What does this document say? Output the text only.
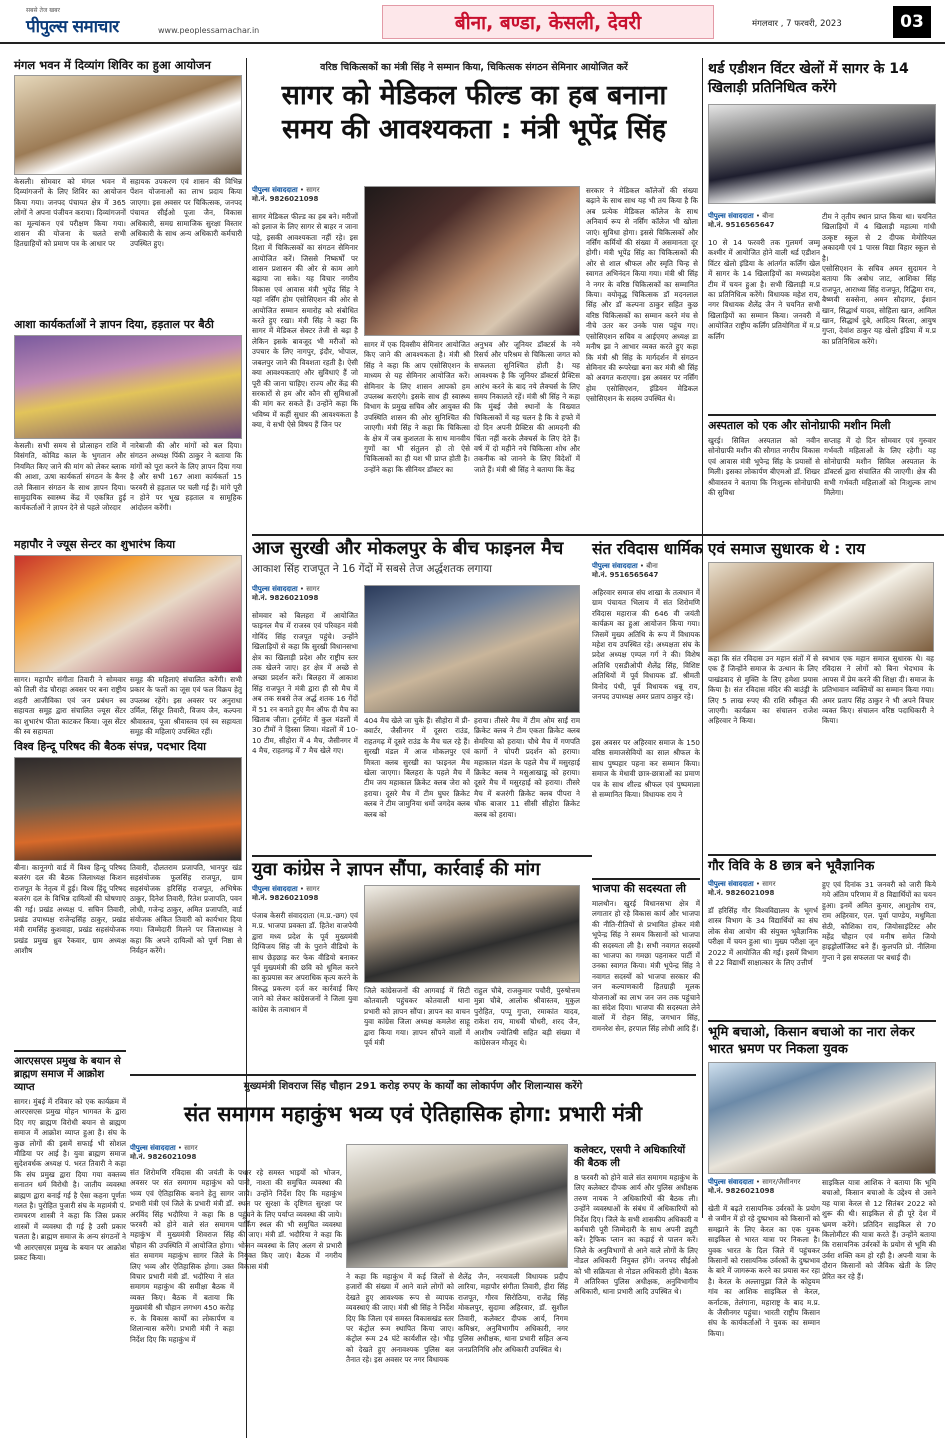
सबसे तेज खबर
पीपुल्स समाचार	www.peoplessamachar.in	बीना, बण्डा, केसली, देवरी	मंगलवार , 7 फरवरी, 2023	03
मंगल भवन में दिव्यांग शिविर का हुआ आयोजन
केसली। सोमवार को मंगल भवन में दिव्यांगजनों के लिए शिविर का आयोजन किया गया। जनपद पंचायत क्षेत्र में 365 लोगों ने अपना पंजीयन कराया। दिव्यांगजनों का मूल्यांकन एवं परीक्षण किया गया। शासन की योजना के चलते सभी हितग्राहियों को प्रमाण पत्र के आधार पर
सहायक उपकरण एवं शासन की विभिन्न पेंशन योजनाओं का लाभ प्रदाय किया जाएगा। इस अवसर पर चिकित्सक, जनपद पंचायत सीईओ पूजा जैन, विकास अधिकारी, समग्र सामाजिक सुरक्षा विस्तार अधिकारी के साथ अन्य अधिकारी कर्मचारी उपस्थित हुए।
आशा कार्यकर्ताओं ने ज्ञापन दिया, हड़ताल पर बैठी
केसली। सभी समय से प्रोत्साहन राशि में विसंगति, कोविड काल के भुगतान और नियमित किए जाने की मांग को लेकर ब्लाक की आशा, ऊषा कार्यकर्ता संगठन के बैनर तले किसान संगठन के साथ ज्ञापन दिया। सामुदायिक स्वास्थ्य केंद्र में एकत्रित हुई कार्यकर्ताओं ने ज्ञापन देने से पहले जोरदार
नारेबाजी की और मांगों को बल दिया। संगठन अध्यक्ष पिंकी ठाकुर ने बताया कि मांगों को पूरा करने के लिए ज्ञापन दिया गया है और सभी 167 आशा कार्यकर्ता 15 फरवरी से हड़ताल पर चली गई हैं। मांगे पूरी न होने पर भूख हड़ताल व सामूहिक आंदोलन करेंगी।
महापौर ने ज्यूस सेन्टर का शुभारंभ किया
सागर। महापौर संगीता तिवारी ने सोमवार को तिली रोड चौराहा अवसर पर बना राष्ट्रीय शहरी आजीविका एवं जन प्रबंधन स्व सहायता समूह द्वारा संचालित ज्यूस सेंटर का शुभारंभ फीता काटकर किया। जूस सेंटर की स्व सहायता
समूह की महिलाएं संचालित करेंगी। सभी प्रकार के फलों का जूस एवं फल विक्रय हेतु उपलब्ध रहेंगे। इस अवसर पर अनुराधा उर्मिल, सिंदूर तिवारी, विजय जैन, कल्पना श्रीवास्तव, पूजा श्रीवास्तव एवं स्व सहायता समूह की महिलाएं उपस्थित रहीं।
विश्व हिन्दू परिषद की बैठक संपन्न, पदभार दिया
बीना। कानूनगो वार्ड में विश्व हिन्दू परिषद बजरंग दल की बैठक जिलाध्यक्ष किशन राजपूत के नेतृत्व में हुई। विश्व हिंदू परिषद बजरंग दल के विभिन्न दायित्वों की घोषणाएं की गई। प्रखंड अध्यक्ष पं. सचिन तिवारी, प्रखंड उपाध्यक्ष राजेन्द्रसिंह ठाकुर, प्रखंड मंत्री रामसिंह कुशवाहा, प्रखंड सहसंयोजक प्रखंड प्रमुख ध्रुव रैकवार, ग्राम अध्यक्ष आशीष
तिवारी, दौलतराम प्रजापति, भानपुर खंड सहसंयोजक फूलसिंह राजपूत, ग्राम सहसंयोजक हरिसिंह राजपूत, अभिषेक ठाकुर, दिनेश तिवारी, रितेश प्रजापति, पवन लोधी, गजेन्द्र ठाकुर, अमित प्रजापति, वार्ड संयोजक अंकित तिवारी को कार्यभार दिया गया। जिम्मेदारी मिलने पर जिलाध्यक्ष ने कहा कि अपने दायित्वों को पूर्ण निष्ठा से निर्वहन करेंगे।
आरएसएस प्रमुख के बयान से ब्राह्मण समाज में आक्रोश व्याप्त
सागर। मुंबई में रविवार को एक कार्यक्रम में आरएसएस प्रमुख मोहन भागवत के द्वारा दिए गए ब्राह्मण विरोधी बयान से ब्राह्मण समाज में आक्रोश व्याप्त हुआ है। संघ के कुछ लोगों की इसमें सफाई भी सोशल मीडिया पर आई है। युवा ब्राह्मण समाज सुदेशवर्धक अध्यक्ष पं. भरत तिवारी ने कहा कि संघ प्रमुख द्वारा दिया गया वक्तव्य सनातन धर्म विरोधी है। जातीय व्यवस्था ब्राह्मण द्वारा बनाई गई है ऐसा कहना पूर्णतः गलत है। पुरोहित पुजारी संघ के महामंत्री पं. रामचरण शास्त्री ने कहा कि जिस प्रकार शास्त्रों में व्यवस्था दी गई है उसी प्रकार चलता है। ब्राह्मण समाज के अन्य संगठनों ने भी आरएसएस प्रमुख के बयान पर आक्रोश प्रकट किया।
वरिष्ठ चिकित्सकों का मंत्री सिंह ने सम्मान किया, चिकित्सक संगठन सेमिनार आयोजित करें
सागर को मेडिकल फील्ड का हब बनाना
समय की आवश्यकता : मंत्री भूपेंद्र सिंह
पीपुल्स संवाददाता • सागर
मो.नं. 9826021098
सागर मेडिकल फील्ड का हब बने। मरीजों को इलाज के लिए सागर से बाहर न जाना पड़े, इसकी आवश्यकता नहीं रहे। इस दिशा में चिकित्सकों का संगठन सेमिनार आयोजित करें। जिससे निष्कर्षों पर शासन प्रशासन की ओर से काम आगे बढ़ाया जा सके। यह विचार नगरीय विकास एवं आवास मंत्री भूपेंद्र सिंह ने यहां नर्सिंग होम एसोसिएशन की ओर से आयोजित सम्मान समारोह को संबोधित करते हुए रखा। मंत्री सिंह ने कहा कि सागर में मेडिकल सेक्टर तेजी से बढ़ा है लेकिन इसके बावजूद भी मरीजों को उपचार के लिए नागपुर, इंदौर, भोपाल, जबलपुर जाने की विवशता रहती है। ऐसी क्या आवश्यकताएं और सुविधाएं हैं जो पूरी की जाना चाहिए। राज्य और केंद्र की सरकारों से हम और कौन सी सुविधाओं की मांग कर सकते हैं। उन्होंने कहा कि भविष्य में कहीं सुधार की आवश्यकता है क्या, ये सभी ऐसे विषय हैं जिन पर
सागर में एक दिवसीय सेमिनार आयोजित किए जाने की आवश्यकता है। मंत्री श्री सिंह ने कहा कि आप एसोसिएशन के माध्यम से यह सेमिनार आयोजित करें। सेमिनार के लिए शासन आपको हम उपलब्ध कराएंगे। इसके साथ ही स्वास्थ्य विभाग के प्रमुख सचिव और आयुक्त की उपस्थिति शासन की ओर सुनिश्चित की जाएगी। मंत्री सिंह ने कहा कि चिकित्सा के क्षेत्र में जब कुशलता के साथ मानवीय गुणों का भी संतुलन हो तो ऐसे चिकित्सकों का ही यश भी प्राप्त होती है। उन्होंने कहा कि सीनियर डॉक्टर का
अनुभव और जूनियर डॉक्टर्स के नये रिसर्च और परिश्रम से चिकित्सा जगत को सफलता सुनिश्चित होती है। यह आवश्यक है कि जूनियर डॉक्टर्स प्रैक्टिस आरंभ करने के बाद नये लैक्चर्स के लिए समय निकालते रहें। मंत्री श्री सिंह ने कहा कि मुंबई जैसे स्थानों के विख्यात चिकित्सकों में यह चलन है कि वे हफ्ते में दो दिन अपनी प्रैक्टिस की आमदनी की चिंता नहीं करके लैक्चर्स के लिए देते हैं। वर्ष में दो महीने नये चिकित्सा शोध और तकनीक को जानने के लिए विदेशों में जाते हैं। मंत्री श्री सिंह ने बताया कि केंद्र
सरकार ने मेडिकल कॉलेजों की संख्या बढ़ाने के साथ साथ यह भी तय किया है कि अब प्रत्येक मेडिकल कॉलेज के साथ अनिवार्य रूप से नर्सिंग कॉलेज भी खोला जाएं। सुविधा होगा। इससे चिकित्सकों और नर्सिंग कर्मियों की संख्या में असमानता दूर होगी। मंत्री भूपेंद्र सिंह का चिकित्सकों की ओर से शाल श्रीफल और स्मृति चिन्ह से स्वागत अभिनंदन किया गया। मंत्री श्री सिंह ने नगर के वरिष्ठ चिकित्सकों का सम्मानित किया। वयोवृद्ध चिकित्सक डॉ मदनलाल सिंह और डॉ कल्पना ठाकुर सहित कुछ वरिष्ठ चिकित्सकों का सम्मान करने मंच से नीचे उतर कर उनके पास पहुंच गए। एसोसिएशन सचिव व आईएमए अध्यक्ष डा मनीष झा ने आभार व्यक्त करते हुए कहा कि मंत्री श्री सिंह के मार्गदर्शन में संगठन सेमिनार की रूपरेखा बना कर मंत्री श्री सिंह को अवगत कराएगा। इस अवसर पर नर्सिंग होम एसोसिएशन, इंडियन मेडिकल एसोसिएशन के सदस्य उपस्थित थे।
आज सुरखी और मोकलपुर के बीच फाइनल मैच
आकाश सिंह राजपूत ने 16 गेंदों में सबसे तेज अर्द्धशतक लगाया
पीपुल्स संवाददाता • सागर
मो.नं. 9826021098
सोमवार को बिलहरा में आयोजित फाइनल मैच में राजस्व एवं परिवहन मंत्री गोविंद सिंह राजपूत पहुंचे। उन्हाेंने खिलाड़ियों से कहा कि सुरखी विधानसभा क्षेत्र का खिलाड़ी प्रदेश और राष्ट्रीय स्तर तक खेलने जाए। हर क्षेत्र में अच्छे से अच्छा प्रदर्शन करें। बिलहरा में आकाश सिंह राजपूत ने मंत्री द्वारा ही सौ मैच में अब तक सबसे तेज अर्द्ध शतक 16 गेंदों में 51 रन बनाते हुए मैन ऑफ दी मैच का खिताब जीता। टूर्नामेंट में कुल मंडलों में 30 टीमों ने हिस्सा लिया। मंडलों में 10-10 टीम, सीहोरा में 4 मैच, जैसीनगर में 4 मैच, राहतगढ़ में 7 मैच खेले गए।
404 मैच खेले जा चुके हैं। सीहोरा में प्री-क्वार्टर, जैसीनगर में दूसरा राउंड, राहतगढ़ में दूसरे राउंड के मैच चल रहे हैं। सुरखी मंडल में आज मोकलपुर एवं मित्रता क्लब सुरखी का फाइनल मैच खेला जाएगा। बिलहरा के पहले मैच में टीम जय महाकाल क्रिकेट क्लब जेरा को हराया। दूसरे मैच में टीम घुघर क्रिकेट क्लब ने टीम जामुनिया धर्मो जगदेव क्लब क्लब को
हराया। तीसरे मैच में टीम ओम साईं राम क्रिकेट क्लब ने टीम एकता क्रिकेट क्लब सेमरिया को हराया। चौथे मैच में गणपति कार्गो ने चोपरी प्रदर्शन को हराया। महाकाल मंडल के पहले मैच में मसुरहाई क्रिकेट क्लब ने मसुआखाडू़ को हराया। दूसरे मैच में मसुरहाई को हराया। तीसरे मैच में बजरंगी क्रिकेट क्लब पीपरा ने चौक बाजार 11 सीसी सीहोरा क्रिकेट क्लब को हराया।
संत रविदास धार्मिक एवं समाज सुधारक थे : राय
पीपुल्स संवाददाता • बीना
मो.नं. 9516565647
अहिरवार समाज संघ शाखा के तत्वधान में ग्राम पंचायत भिलाय में संत शिरोमणि रविदास महाराज की 646 वी जयंती कार्यक्रम का हुआ आयोजन किया गया। जिसमें मुख्य अतिथि के रूप में विधायक महेश राय उपस्थित रहे। अध्यक्षता संघ के प्रदेश अध्यक्ष एम्पल गर्ग ने की। विशेष अतिथि एसडीओपी शैलेंद्र सिंह, विशिष्ट अतिथियों में पूर्व विधायक डॉ. श्रीमती विनोद पंथी, पूर्व विधायक धन्नू राय, जनपद उपाध्यक्ष अमर प्रताप ठाकुर रहे।
इस अवसर पर अहिरवार समाज के 150 वरिष्ठ समाजसेवियों का साल श्रीफल के साथ पुष्पहार पहना कर सम्मान किया। समाज के मेधावी छात्र-छात्राओं का प्रमाण पत्र के साथ शील्ड श्रीफल एवं पुष्पमाला से सम्मानित किया। विधायक राय ने
कहा कि संत रविदास उन महान संतों में से एक हैं जिन्होंने समाज के उत्थान के लिए पाखंडवाद से मुक्ति के लिए हमेशा प्रयास किया है। संत रविदास मंदिर की बाउंड्री के लिए 5 लाख रुपए की राशि स्वीकृत की जाएगी। कार्यक्रम का संचालन राजेश अहिरवार ने किया।
स्वभाव एक महान समाज सुधारक थे। वह रविदास ने लोगों को बिना भेदभाव के आपस में प्रेम करने की शिक्षा दी। समाज के प्रतिभावान व्यक्तियों का सम्मान किया गया। अमर प्रताप सिंह ठाकुर ने भी अपने विचार व्यक्त किए। संचालन वरिष्ठ पदाधिकारी ने किया।
युवा कांग्रेस ने ज्ञापन सौंपा, कार्रवाई की मांग
पीपुल्स संवाददाता • सागर
मो.नं. 9826021098
पंजाब केसरी संवाददाता (म.प्र.-छग) एवं म.प्र. भाजपा प्रवक्ता डॉ. हितेश वाजपेयी द्वारा मध्य प्रदेश के पूर्व मुख्यमंत्री दिग्विजय सिंह जी के पुराने वीडियो के साथ छेड़छाड़ कर फेक वीडियो बनाकर पूर्व मुख्यमंत्री की छवि को धूमिल करने का कुप्रयास कर अपराधिक कृत्य करने के विरुद्ध प्रकरण दर्ज कर कार्रवाई किए जाने को लेकर कांग्रेसजनों ने जिला युवा कांग्रेस के तत्वाधान में
जिले कांग्रेसजनों की आगवाई में सिटी कोतवाली पहुंचकर कोतवाली थाना प्रभारी को ज्ञापन सौंपा। ज्ञापन का वाचन युवा कांग्रेस जिला अध्यक्ष कमलेश साहू द्वारा किया गया। ज्ञापन सौंपने वालों में पूर्व मंत्री
राहुल चौबे, राजकुमार पचौरी, पुरुषोत्तम मुन्ना चौबे, आलोक श्रीवास्तव, मुकुल पुरोहित, पप्पू गुप्ता, रमाकांत यादव, राकेश राय, माधवी चौधरी, शरद जैन, आशीष ज्योतिषी सहित बड़ी संख्या में कांग्रेसजन मौजूद थे।
भाजपा की सदस्यता ली
मालथौन। खुरई विधानसभा क्षेत्र में लगातार हो रहे विकास कार्य और भाजपा की नीति-रीतियों से प्रभावित होकर मंत्री भूपेन्द्र सिंह ने समय किसानों को भाजपा की सदस्यता ली है। सभी नवागत सदस्यों का भाजपा का गमछा पहनाकर पार्टी में उनका स्वागत किया। मंत्री भूपेन्द्र सिंह ने नवागत सदस्यों को भाजपा सरकार की जन कल्याणकारी हितग्राही मूलक योजनाओं का लाभ जन जन तक पहुंचाने का संदेश दिया। भाजपा की सदस्यता लेने वालों में रोहन सिंह, जगभान सिंह, रामनरेश सेन, हरपाल सिंह लोधी आदि हैं।
थर्ड एडीशन विंटर खेलों में सागर के 14 खिलाड़ी प्रतिनिधित्व करेंगे
पीपुल्स संवाददाता • बीना
मो.नं. 9516565647
टीम ने तृतीय स्थान प्राप्त किया था। चयनित खिलाड़ियों में 4 खिलाड़ी महात्मा गांधी उत्कृष्ट स्कूल से 2 दीपक मेमोरियल अकादमी एवं 1 पारस विद्या विहार स्कूल से है।
10 से 14 फरवरी तक गुलमर्ग जम्मू कश्मीर में आयोजित होने वाली थर्ड एडीशन विंटर खेलो इंडिया के आंतर्गत कर्लिंग खेल में सागर के 14 खिलाड़ियों का मध्यप्रदेश टीम में चयन हुआ है। सभी खिलाड़ी म.प्र का प्रतिनिधित्व करेंगे। विधायक महेश राय, नगर विधायक शैलेंद्र जैन ने चयनित सभी खिलाड़ियों का सम्मान किया। जनवरी में आयोजित राष्ट्रीय कर्लिंग प्रतियोगिता में म.प्र कर्लिंग
एसोसिएशन के सचिव अमन सुदामन ने बताया कि अबोध जाट, आशिका सिंह राजपूत, आराध्या सिंह राजपूत, रिद्धिमा राय, बैष्णवी सक्सेना, अमन सौदागर, ईशान खान, सिद्धार्थ यादव, सोहिला खान, आमिल खान, सिद्धार्थ दुबे, आदित्य बिरला, आयुष गुप्ता, देवांश ठाकुर यह खेलो इंडिया में म.प्र का प्रतिनिधित्व करेंगे।
अस्पताल को एक और सोनोग्राफी मशीन मिली
खुरई। सिविल अस्पताल को नवीन सोनोग्राफी मशीन की सौगात नगरीय विकास एवं आवास मंत्री भूपेन्द्र सिंह के प्रयासों से मिली। इसका लोकार्पण बीएमओ डॉ. शिखर श्रीवास्तव ने बताया कि निःशुल्क सोनोग्राफी की सुविधा
सप्ताह में दो दिन सोमवार एवं गुरुवार गर्भवती महिलाओं के लिए रहेगी। यह सोनोग्राफी मशीन सिविल अस्पताल के डॉक्टर्स द्वारा संचालित की जाएगी। क्षेत्र की सभी गर्भवती महिलाओं को निःशुल्क लाभ मिलेगा।
गौर विवि के 8 छात्र बने भूवैज्ञानिक
पीपुल्स संवाददाता • सागर
मो.नं. 9826021098
डॉ हरिसिंह गौर विश्वविद्यालय के भूगर्भ शास्त्र विभाग के 34 विद्यार्थियों का संघ लोक सेवा आयोग की संयुक्त भूवैज्ञानिक परीक्षा में चयन हुआ था। मुख्य परीक्षा जून 2022 में आयोजित की गई। इसमें विभाग से 22 विद्यार्थी साक्षात्कार के लिए उत्तीर्ण
हुए एवं दिनांक 31 जनवरी को जारी किये गये अंतिम परिणाम में 8 विद्यार्थियों का चयन हुआ। इनमें अमित कुमार, आशुतोष राय, राम अहिरवार, एल. पूर्वा पाण्डेय, मधुमिता सेठी, कौशिका राय, जियोसाइंटिस्ट और महेंद्र चौहान एवं मनीष समेत जियो हाइड्रोलॉजिस्ट बने हैं। कुलपति प्रो. नीलिमा गुप्ता ने इस सफलता पर बधाई दी।
भूमि बचाओ, किसान बचाओ का नारा लेकर भारत भ्रमण पर निकला युवक
पीपुल्स संवाददाता • सागर/जैसीनगर
मो.नं. 9826021098
खेती में बढ़ते रासायनिक उर्वरकों के प्रयोग से जमीन में हो रहे दुष्प्रभाव को किसानों को समझाने के लिए केरल का एक युवक साइकिल से भारत यात्रा पर निकला है। युवक भारत के दिल जिले में पहुंचकर किसानों को रासायनिक उर्वरकों के दुष्प्रभाव के बारे में जागरूक करने का प्रयास कर रहा है। केरल के अल्लापुझा जिले के कोट्टयम गांव का आशिक साइकिल से केरल, कर्नाटक, तेलंगाना, महाराष्ट्र के बाद म.प्र. के जैसीनगर पहुंचा। भारती राष्ट्रीय किसान संघ के कार्यकर्ताओं ने युवक का सम्मान किया।
साइकिल यात्रा आशिक ने बताया कि भूमि बचाओ, किसान बचाओ के उद्देश्य से उसने यह यात्रा केरल से 12 सितंबर 2022 को शुरू की थी। साइकिल से ही पूरे देश में भ्रमण करेंगे। प्रतिदिन साइकिल से 70 किलोमीटर की यात्रा करते हैं। उन्होंने बताया कि रासायनिक उर्वरकों के प्रयोग से भूमि की उर्वरा शक्ति कम हो रही है। अपनी यात्रा के दौरान किसानों को जैविक खेती के लिए प्रेरित कर रहे हैं।
मुख्यमंत्री शिवराज सिंह चौहान 291 करोड़ रुपए के कार्यों का लोकार्पण और शिलान्यास करेंगे
संत समागम महाकुंभ भव्य एवं ऐतिहासिक होगा: प्रभारी मंत्री
पीपुल्स संवाददाता • सागर
मो.नं. 9826021098
संत शिरोमणि रविदास की जयंती के अवसर पर संत समागम महाकुंभ को भव्य एवं ऐतिहासिक बनाने हेतु सागर प्रभारी मंत्री एवं जिले के प्रभारी मंत्री डॉ. अरविंद सिंह भदौरिया ने कहा कि 8 फरवरी को होने वाले संत समागम महाकुंभ में मुख्यमंत्री शिवराज सिंह चौहान की उपस्थिति में आयोजित होगा। संत समागम महाकुंभ सागर जिले के लिए भव्य और ऐतिहासिक होगा। उक्त विचार प्रभारी मंत्री डॉ. भदौरिया ने संत समागम महाकुंभ की समीक्षा बैठक में व्यक्त किए। बैठक में बताया कि मुख्यमंत्री श्री चौहान लगभग 450 करोड़ रु. के विकास कार्यों का लोकार्पण व शिलान्यास करेंगे। प्रभारी मंत्री ने कहा निर्देश दिए कि महाकुंभ में
पधार रहे समस्त भाइयों को भोजन, पानी, नाश्ता की समुचित व्यवस्था की जाये। उन्होंने निर्देश दिए कि महाकुंभ स्थल पर सुरक्षा के दृष्टिगत सुरक्षा पर पहुंचने के लिए पर्याप्त व्यवस्था की जाये। पार्किंग स्थल की भी समुचित व्यवस्था की जाए। मंत्री डॉ. भदौरिया ने कहा कि भोजन व्यवस्था के लिए अलग से प्रभारी नियुक्त किए जाएं। बैठक में नगरीय विकास मंत्री
ने कहा कि महाकुंभ में कई जिलों से हजारों की संख्या में आने वाले लोगों को देखते हुए आवश्यक रूप से व्यापक व्यवस्थाएं की जाए। मंत्री श्री सिंह ने निर्देश दिए कि जिला एवं समस्त विकासखंड स्तर पर कंट्रोल रूम स्थापित किया जाए। कंट्रोल रूम 24 घंटे कार्यशील रहे। भीड़ को देखते हुए अनावश्यक पुलिस बल तैनात रहे। इस अवसर पर नगर विधायक
शैलेंद्र जैन, नरयावली विधायक प्रदीप लारिया, महापौर संगीता तिवारी, हीरा सिंह राजपूत, गौरव सिरोठिया, राजेंद्र सिंह मोकलपुर, सुदामा अहिरवार, डॉ. सुशील तिवारी, कलेक्टर दीपक आर्य, निगम कमिश्नर, अनुविभागीय अधिकारी, नगर पुलिस अधीक्षक, थाना प्रभारी सहित अन्य जनप्रतिनिधि और अधिकारी उपस्थित थे।
कलेक्टर, एसपी ने अधिकारियों की बैठक ली
8 फरवरी को होने वाले संत समागम महाकुंभ के लिए कलेक्टर दीपक आर्य और पुलिस अधीक्षक तरुण नायक ने अधिकारियों की बैठक ली। उन्होंने व्यवस्थाओं के संबंध में अधिकारियों को निर्देश दिए। जिले के सभी शासकीय अधिकारी व कर्मचारी पूरी जिम्मेदारी के साथ अपनी ड्यूटी करें। ट्रैफिक प्लान का कड़ाई से पालन करें। जिले के अनुविभागों से आने वाले लोगों के लिए नोडल अधिकारी नियुक्त होंगे। जनपद सीईओ को भी सक्रियता से नोडल अधिकारी होंगे। बैठक में अतिरिक्त पुलिस अधीक्षक, अनुविभागीय अधिकारी, थाना प्रभारी आदि उपस्थित थे।
